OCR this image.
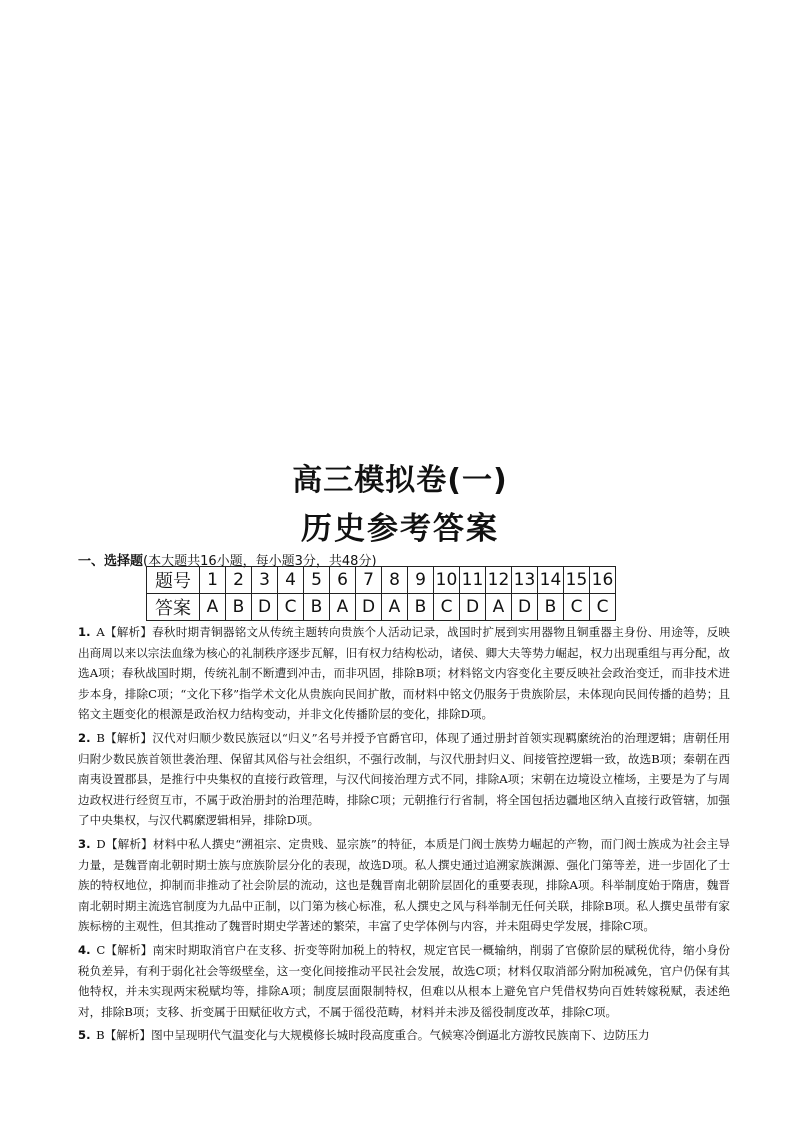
高三模拟卷(一)
历史参考答案
一、选择题(本大题共16小题，每小题3分，共48分)
题号	1	2	3	4	5	6	7	8	9	10	11	12	13	14	15	16
答案	A	B	D	C	B	A	D	A	B	C	D	A	D	B	C	C
1. A【解析】春秋时期青铜器铭文从传统主题转向贵族个人活动记录，战国时扩展到实用器物且铜重器主身份、用途等，反映出商周以来以宗法血缘为核心的礼制秩序逐步瓦解，旧有权力结构松动，诸侯、卿大夫等势力崛起，权力出现重组与再分配，故选A项；春秋战国时期，传统礼制不断遭到冲击，而非巩固，排除B项；材料铭文内容变化主要反映社会政治变迁，而非技术进步本身，排除C项；“文化下移”指学术文化从贵族向民间扩散，而材料中铭文仍服务于贵族阶层，未体现向民间传播的趋势；且铭文主题变化的根源是政治权力结构变动，并非文化传播阶层的变化，排除D项。
2. B【解析】汉代对归顺少数民族冠以“归义”名号并授予官爵官印，体现了通过册封首领实现羁縻统治的治理逻辑；唐朝任用归附少数民族首领世袭治理、保留其风俗与社会组织，不强行改制，与汉代册封归义、间接管控逻辑一致，故选B项；秦朝在西南夷设置郡县，是推行中央集权的直接行政管理，与汉代间接治理方式不同，排除A项；宋朝在边境设立榷场，主要是为了与周边政权进行经贸互市，不属于政治册封的治理范畴，排除C项；元朝推行行省制，将全国包括边疆地区纳入直接行政管辖，加强了中央集权，与汉代羁縻逻辑相异，排除D项。
3. D【解析】材料中私人撰史“溯祖宗、定贵贱、显宗族”的特征，本质是门阀士族势力崛起的产物，而门阀士族成为社会主导力量，是魏晋南北朝时期士族与庶族阶层分化的表现，故选D项。私人撰史通过追溯家族渊源、强化门第等差，进一步固化了士族的特权地位，抑制而非推动了社会阶层的流动，这也是魏晋南北朝阶层固化的重要表现，排除A项。科举制度始于隋唐，魏晋南北朝时期主流选官制度为九品中正制，以门第为核心标准，私人撰史之风与科举制无任何关联，排除B项。私人撰史虽带有家族标榜的主观性，但其推动了魏晋时期史学著述的繁荣，丰富了史学体例与内容，并未阻碍史学发展，排除C项。
4. C【解析】南宋时期取消官户在支移、折变等附加税上的特权，规定官民一概输纳，削弱了官僚阶层的赋税优待，缩小身份税负差异，有利于弱化社会等级壁垒，这一变化间接推动平民社会发展，故选C项；材料仅取消部分附加税减免，官户仍保有其他特权，并未实现两宋税赋均等，排除A项；制度层面限制特权，但难以从根本上避免官户凭借权势向百姓转嫁税赋，表述绝对，排除B项；支移、折变属于田赋征收方式，不属于徭役范畴，材料并未涉及徭役制度改革，排除C项。
5. B【解析】图中呈现明代气温变化与大规模修长城时段高度重合。气候寒冷倒逼北方游牧民族南下、边防压力
